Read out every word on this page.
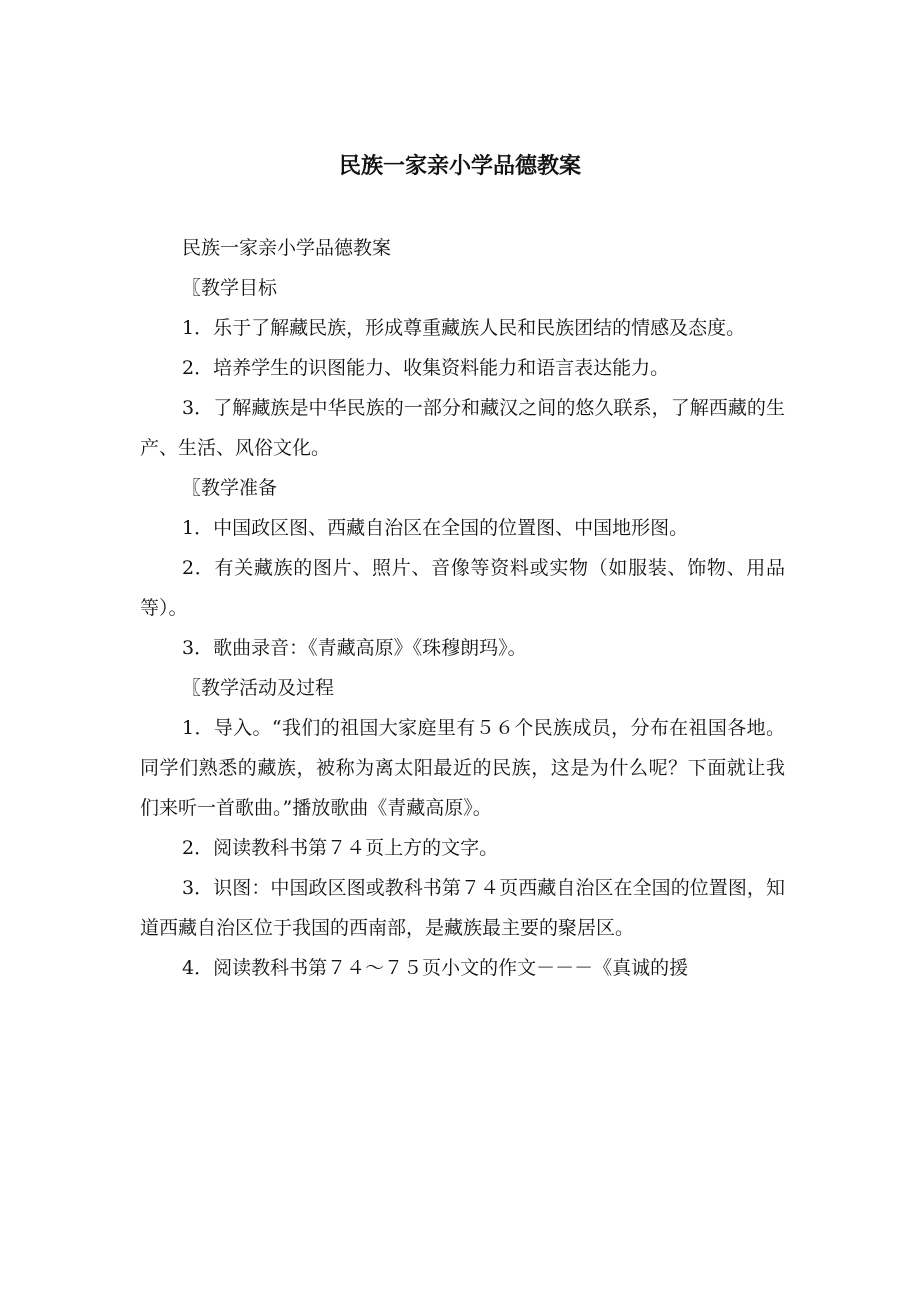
民族一家亲小学品德教案

民族一家亲小学品德教案

〖教学目标

1．乐于了解藏民族，形成尊重藏族人民和民族团结的情感及态度。

2．培养学生的识图能力、收集资料能力和语言表达能力。

3．了解藏族是中华民族的一部分和藏汉之间的悠久联系，了解西藏的生产、生活、风俗文化。

〖教学准备

1．中国政区图、西藏自治区在全国的位置图、中国地形图。

2．有关藏族的图片、照片、音像等资料或实物（如服装、饰物、用品等）。

3．歌曲录音：《青藏高原》《珠穆朗玛》。

〖教学活动及过程

1．导入。“我们的祖国大家庭里有５６个民族成员，分布在祖国各地。同学们熟悉的藏族，被称为离太阳最近的民族，这是为什么呢？下面就让我们来听一首歌曲。”播放歌曲《青藏高原》。

2．阅读教科书第７４页上方的文字。

3．识图：中国政区图或教科书第７４页西藏自治区在全国的位置图，知道西藏自治区位于我国的西南部，是藏族最主要的聚居区。

4．阅读教科书第７４～７５页小文的作文－－－《真诚的援
